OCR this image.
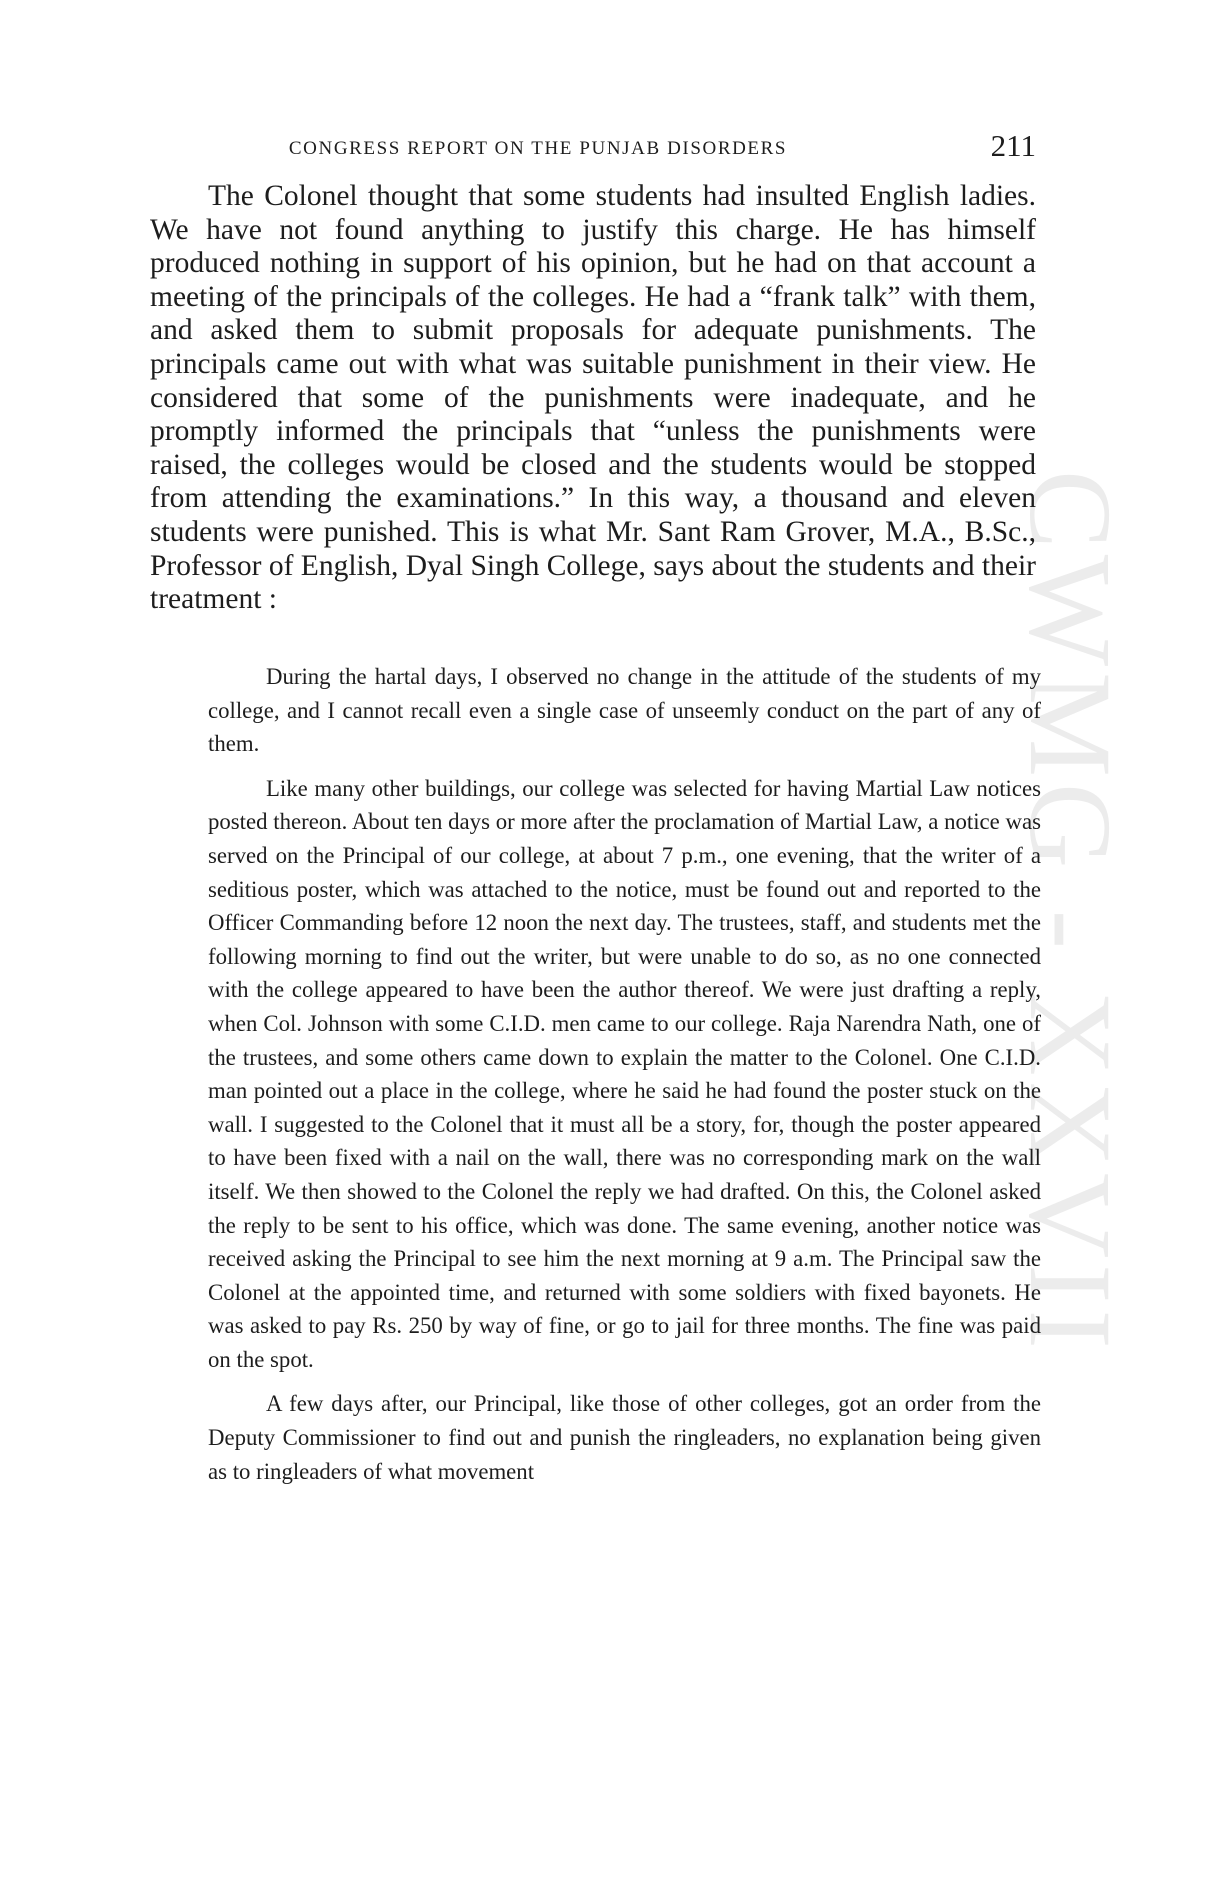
CWMG - XXVII
CONGRESS REPORT ON THE PUNJAB DISORDERS	211

The Colonel thought that some students had insulted English ladies. We have not found anything to justify this charge. He has himself produced nothing in support of his opinion, but he had on that account a meeting of the principals of the colleges. He had a “frank talk” with them, and asked them to submit proposals for adequate punishments. The principals came out with what was suitable punishment in their view. He considered that some of the punishments were inadequate, and he promptly informed the principals that “unless the punishments were raised, the colleges would be closed and the students would be stopped from attending the examinations.” In this way, a thousand and eleven students were punished. This is what Mr. Sant Ram Grover, M.A., B.Sc., Professor of English, Dyal Singh College, says about the students and their treatment :

During the hartal days, I observed no change in the attitude of the students of my college, and I cannot recall even a single case of unseemly conduct on the part of any of them.

Like many other buildings, our college was selected for having Martial Law notices posted thereon. About ten days or more after the proclamation of Martial Law, a notice was served on the Principal of our college, at about 7 p.m., one evening, that the writer of a seditious poster, which was attached to the notice, must be found out and reported to the Officer Commanding before 12 noon the next day. The trustees, staff, and students met the following morning to find out the writer, but were unable to do so, as no one connected with the college appeared to have been the author thereof. We were just drafting a reply, when Col. Johnson with some C.I.D. men came to our college. Raja Narendra Nath, one of the trustees, and some others came down to explain the matter to the Colonel. One C.I.D. man pointed out a place in the college, where he said he had found the poster stuck on the wall. I suggested to the Colonel that it must all be a story, for, though the poster appeared to have been fixed with a nail on the wall, there was no corresponding mark on the wall itself. We then showed to the Colonel the reply we had drafted. On this, the Colonel asked the reply to be sent to his office, which was done. The same evening, another notice was received asking the Principal to see him the next morning at 9 a.m. The Principal saw the Colonel at the appointed time, and returned with some soldiers with fixed bayonets. He was asked to pay Rs. 250 by way of fine, or go to jail for three months. The fine was paid on the spot.

A few days after, our Principal, like those of other colleges, got an order from the Deputy Commissioner to find out and punish the ringleaders, no explanation being given as to ringleaders of what movement
